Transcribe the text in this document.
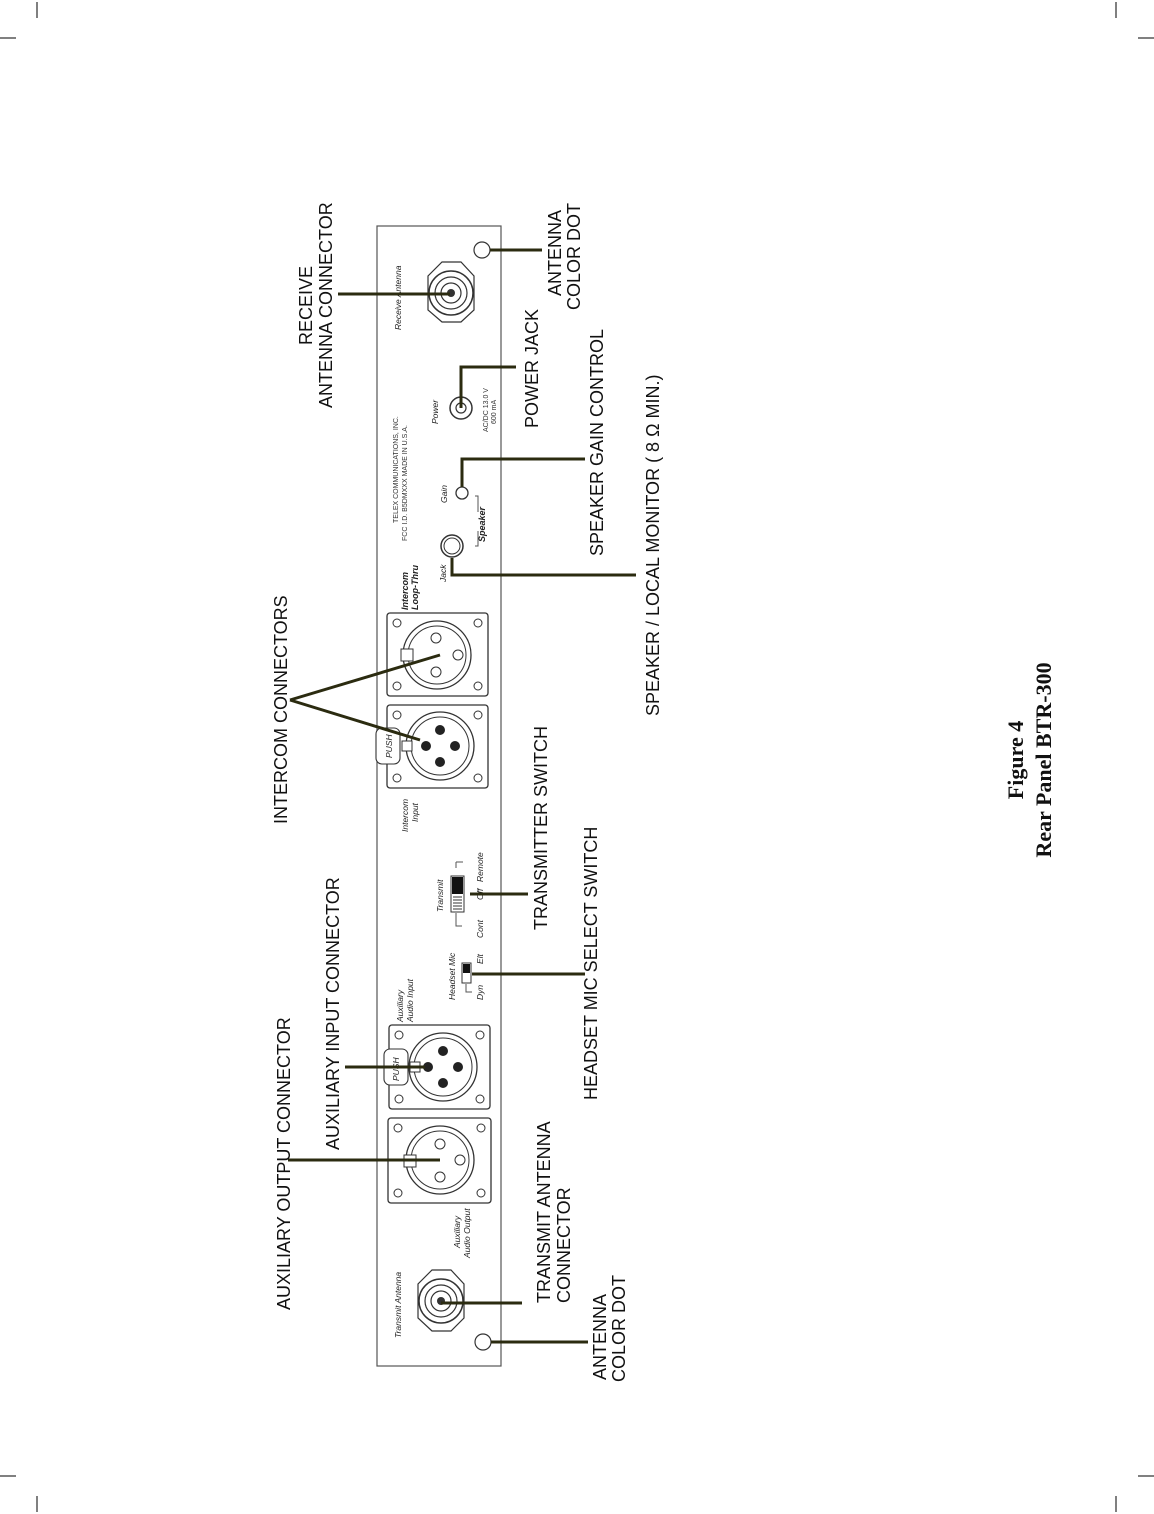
Receive Antenna
Power	AC/DC 13.0 V 600 mA
TELEX COMMUNICATIONS, INC. FCC I.D. B5DMXXX MADE IN U.S.A.	Gain
Jack
Speaker
Intercom Loop-Thru
PUSH
Intercom Input
Transmit
Cont
Off
Remote
Headset Mic Dyn
Elt
PUSH
Auxiliary Audio Input
Auxiliary Audio Output
Transmit Antenna
RECEIVE ANTENNA CONNECTOR	ANTENNA COLOR DOT
POWER JACK	SPEAKER GAIN CONTROL SPEAKER / LOCAL MONITOR ( 8 Ω MIN.)
INTERCOM CONNECTORS
TRANSMITTER SWITCH HEADSET MIC SELECT SWITCH
AUXILIARY INPUT CONNECTOR
AUXILIARY OUTPUT CONNECTOR	TRANSMIT ANTENNA CONNECTOR
ANTENNA COLOR DOT
Figure 4 Rear Panel BTR-300
